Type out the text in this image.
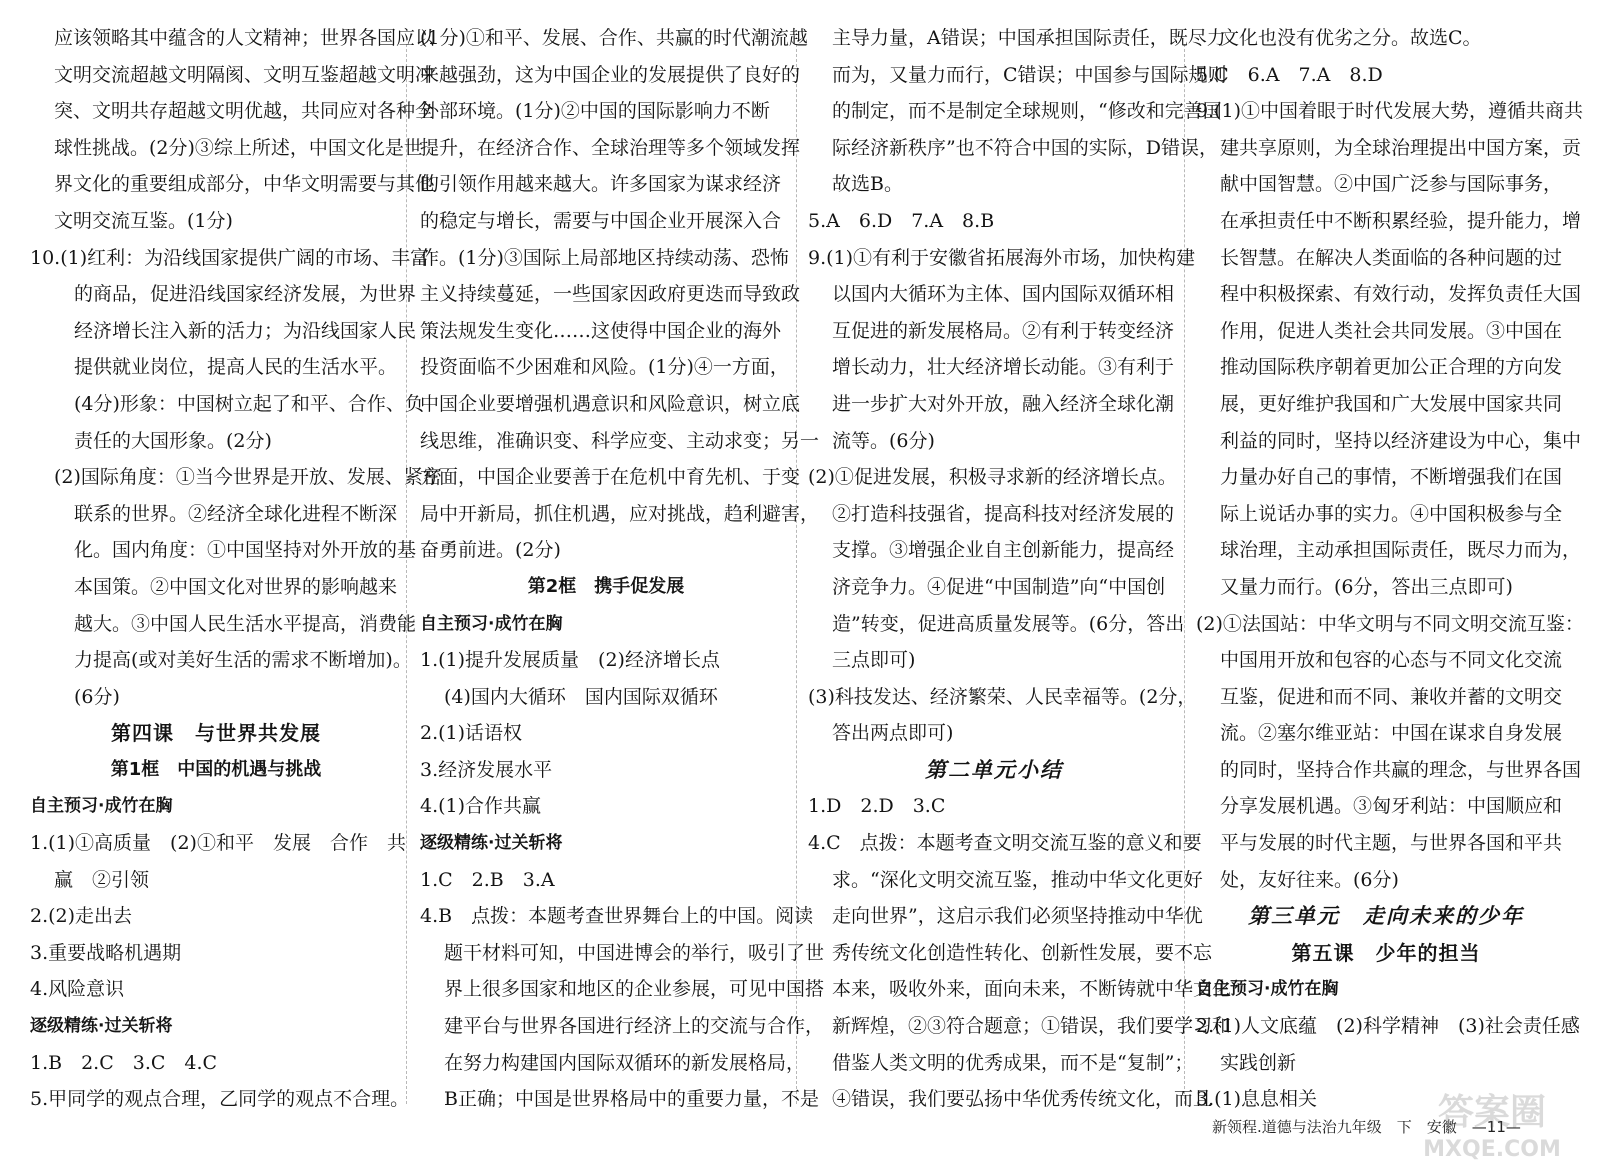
应该领略其中蕴含的人文精神；世界各国应以
文明交流超越文明隔阂、文明互鉴超越文明冲
突、文明共存超越文明优越，共同应对各种全
球性挑战。(2分)③综上所述，中国文化是世
界文化的重要组成部分，中华文明需要与其他
文明交流互鉴。(1分)
10.(1)红利：为沿线国家提供广阔的市场、丰富
的商品，促进沿线国家经济发展，为世界
经济增长注入新的活力；为沿线国家人民
提供就业岗位，提高人民的生活水平。
(4分)形象：中国树立起了和平、合作、负
责任的大国形象。(2分)
(2)国际角度：①当今世界是开放、发展、紧密
联系的世界。②经济全球化进程不断深
化。国内角度：①中国坚持对外开放的基
本国策。②中国文化对世界的影响越来
越大。③中国人民生活水平提高，消费能
力提高(或对美好生活的需求不断增加)。
(6分)
第四课　与世界共发展
第1框　中国的机遇与挑战
自主预习·成竹在胸
1.(1)①高质量　(2)①和平　发展　合作　共
赢　②引领
2.(2)走出去
3.重要战略机遇期
4.风险意识
逐级精练·过关斩将
1.B　2.C　3.C　4.C
5.甲同学的观点合理，乙同学的观点不合理。
(1分)①和平、发展、合作、共赢的时代潮流越
来越强劲，这为中国企业的发展提供了良好的
外部环境。(1分)②中国的国际影响力不断
提升，在经济合作、全球治理等多个领域发挥
的引领作用越来越大。许多国家为谋求经济
的稳定与增长，需要与中国企业开展深入合
作。(1分)③国际上局部地区持续动荡、恐怖
主义持续蔓延，一些国家因政府更迭而导致政
策法规发生变化……这使得中国企业的海外
投资面临不少困难和风险。(1分)④一方面，
中国企业要增强机遇意识和风险意识，树立底
线思维，准确识变、科学应变、主动求变；另一
方面，中国企业要善于在危机中育先机、于变
局中开新局，抓住机遇，应对挑战，趋利避害，
奋勇前进。(2分)
第2框　携手促发展
自主预习·成竹在胸
1.(1)提升发展质量　(2)经济增长点
(4)国内大循环　国内国际双循环
2.(1)话语权
3.经济发展水平
4.(1)合作共赢
逐级精练·过关斩将
1.C　2.B　3.A
4.B　点拨：本题考查世界舞台上的中国。阅读
题干材料可知，中国进博会的举行，吸引了世
界上很多国家和地区的企业参展，可见中国搭
建平台与世界各国进行经济上的交流与合作，
在努力构建国内国际双循环的新发展格局，
B正确；中国是世界格局中的重要力量，不是
主导力量，A错误；中国承担国际责任，既尽力
而为，又量力而行，C错误；中国参与国际规则
的制定，而不是制定全球规则，“修改和完善国
际经济新秩序”也不符合中国的实际，D错误，
故选B。
5.A　6.D　7.A　8.B
9.(1)①有利于安徽省拓展海外市场，加快构建
以国内大循环为主体、国内国际双循环相
互促进的新发展格局。②有利于转变经济
增长动力，壮大经济增长动能。③有利于
进一步扩大对外开放，融入经济全球化潮
流等。(6分)
(2)①促进发展，积极寻求新的经济增长点。
②打造科技强省，提高科技对经济发展的
支撑。③增强企业自主创新能力，提高经
济竞争力。④促进“中国制造”向“中国创
造”转变，促进高质量发展等。(6分，答出
三点即可)
(3)科技发达、经济繁荣、人民幸福等。(2分，
答出两点即可)
第二单元小结
1.D　2.D　3.C
4.C　点拨：本题考查文明交流互鉴的意义和要
求。“深化文明交流互鉴，推动中华文化更好
走向世界”，这启示我们必须坚持推动中华优
秀传统文化创造性转化、创新性发展，要不忘
本来，吸收外来，面向未来，不断铸就中华文化
新辉煌，②③符合题意；①错误，我们要学习和
借鉴人类文明的优秀成果，而不是“复制”；
④错误，我们要弘扬中华优秀传统文化，而且
文化也没有优劣之分。故选C。
5.C　6.A　7.A　8.D
9.(1)①中国着眼于时代发展大势，遵循共商共
建共享原则，为全球治理提出中国方案，贡
献中国智慧。②中国广泛参与国际事务，
在承担责任中不断积累经验，提升能力，增
长智慧。在解决人类面临的各种问题的过
程中积极探索、有效行动，发挥负责任大国
作用，促进人类社会共同发展。③中国在
推动国际秩序朝着更加公正合理的方向发
展，更好维护我国和广大发展中国家共同
利益的同时，坚持以经济建设为中心，集中
力量办好自己的事情，不断增强我们在国
际上说话办事的实力。④中国积极参与全
球治理，主动承担国际责任，既尽力而为，
又量力而行。(6分，答出三点即可)
(2)①法国站：中华文明与不同文明交流互鉴：
中国用开放和包容的心态与不同文化交流
互鉴，促进和而不同、兼收并蓄的文明交
流。②塞尔维亚站：中国在谋求自身发展
的同时，坚持合作共赢的理念，与世界各国
分享发展机遇。③匈牙利站：中国顺应和
平与发展的时代主题，与世界各国和平共
处，友好往来。(6分)
第三单元　走向未来的少年
第五课　少年的担当
自主预习·成竹在胸
2.(1)人文底蕴　(2)科学精神　(3)社会责任感
实践创新
3.(1)息息相关
新领程.道德与法治九年级　下　安徽　—11—
答案圈
MXQE.COM
